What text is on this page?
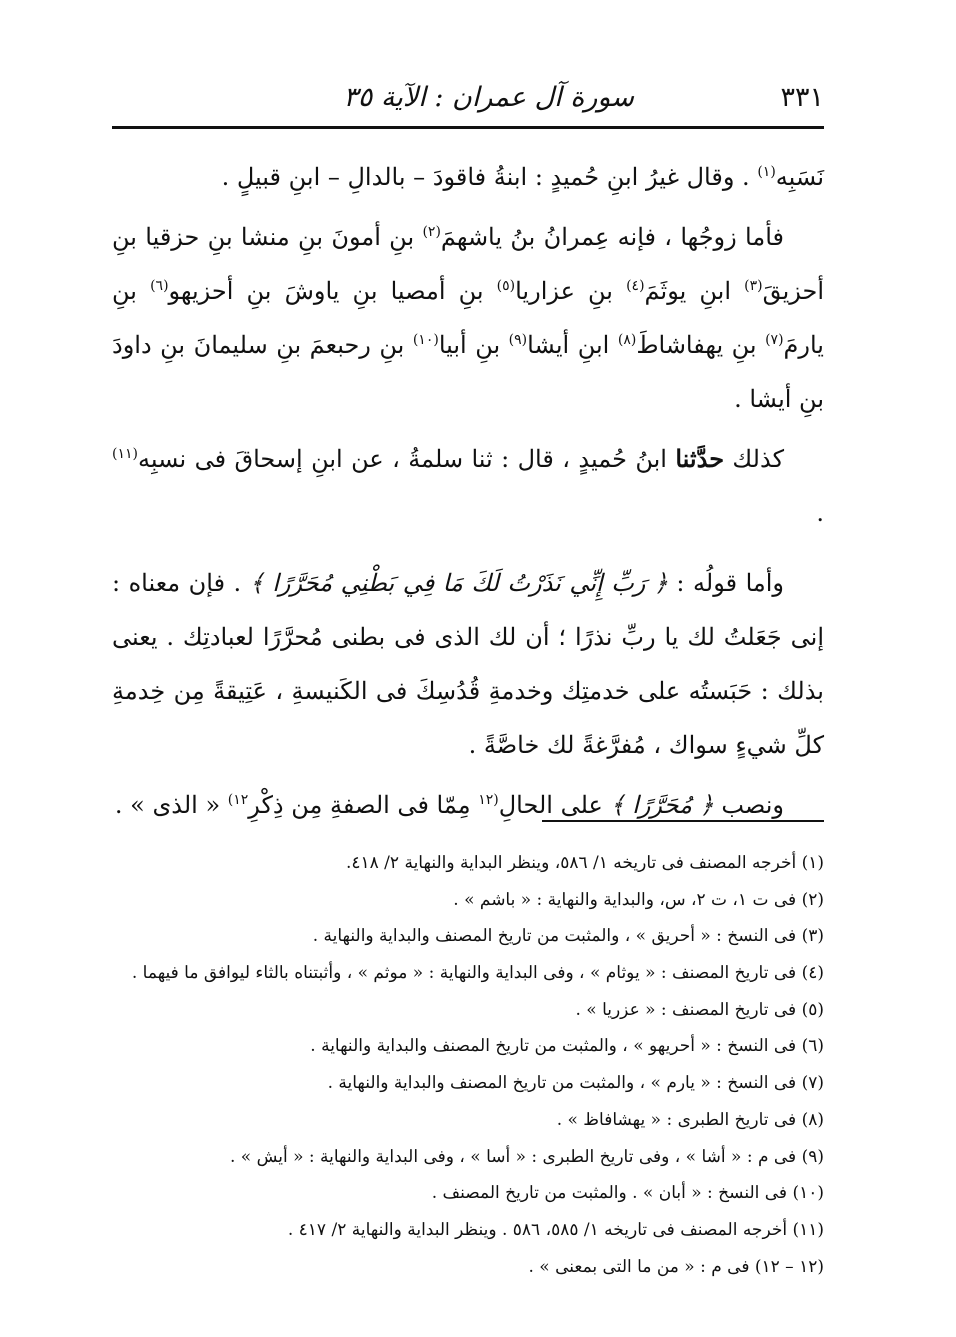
سورة آل عمران : الآية ٣٥	٣٣١

نَسَبِه$^{(١)}$ . وقال غيرُ ابنِ حُميدٍ : ابنةُ فاقودَ – بالدالِ – ابنِ قبيلٍ .

فأما زوجُها ، فإنه عِمرانُ بنُ ياشهمَ$^{(٢)}$ بنِ أمونَ بنِ منشا بنِ حزقيا بنِ أحزيقَ$^{(٣)}$ ابنِ يوثَمَ$^{(٤)}$ بنِ عزاريا$^{(٥)}$ بنِ أمصيا بنِ ياوشَ بنِ أحزيهو$^{(٦)}$ بنِ يارمَ$^{(٧)}$ بنِ يهفاشاطَ$^{(٨)}$ ابنِ أيشا$^{(٩)}$ بنِ أبيا$^{(١٠)}$ بنِ رحبعمَ بنِ سليمانَ بنِ داودَ بنِ أيشا .

كذلك حدَّثنا ابنُ حُميدٍ ، قال : ثنا سلمةُ ، عن ابنِ إسحاقَ فى نسبِه$^{(١١)}$ .

وأما قولُه : ﴿ رَبِّ إِنِّي نَذَرْتُ لَكَ مَا فِي بَطْنِي مُحَرَّرًا ﴾ . فإن معناه : إنى جَعَلتُ لك يا ربِّ نذرًا ؛ أن لك الذى فى بطنى مُحرَّرًا لعبادتِك . يعنى بذلك : حَبَستُه على خدمتِك وخدمةِ قُدُسِكَ فى الكَنيسةِ ، عَتِيقةً مِن خِدمةِ كلِّ شيءٍ سواك ، مُفرَّغةً لك خاصَّةً .

ونصب ﴿ مُحَرَّرًا ﴾ على الحالِ$^{(١٢}$ مِمّا فى الصفةِ مِن ذِكْرِ$^{١٢)}$ « الذى » .

(١) أخرجه المصنف فى تاريخه ١/ ٥٨٦، وينظر البداية والنهاية ٢/ ٤١٨.
(٢) فى ت ١، ت ٢، س، والبداية والنهاية : « باشم » .
(٣) فى النسخ : « أحريق » ، والمثبت من تاريخ المصنف والبداية والنهاية .
(٤) فى تاريخ المصنف : « يوثام » ، وفى البداية والنهاية : « موثم » ، وأثبتناه بالثاء ليوافق ما فيهما .
(٥) فى تاريخ المصنف : « عزريا » .
(٦) فى النسخ : « أحريهو » ، والمثبت من تاريخ المصنف والبداية والنهاية .
(٧) فى النسخ : « يارم » ، والمثبت من تاريخ المصنف والبداية والنهاية .
(٨) فى تاريخ الطبرى : « يهشافاظ » .
(٩) فى م : « أشا » ، وفى تاريخ الطبرى : « أسا » ، وفى البداية والنهاية : « أيش » .
(١٠) فى النسخ : « أبان » . والمثبت من تاريخ المصنف .
(١١) أخرجه المصنف فى تاريخه ١/ ٥٨٥، ٥٨٦ . وينظر البداية والنهاية ٢/ ٤١٧ .
(١٢ – ١٢) فى م : « من ما التى بمعنى » .
